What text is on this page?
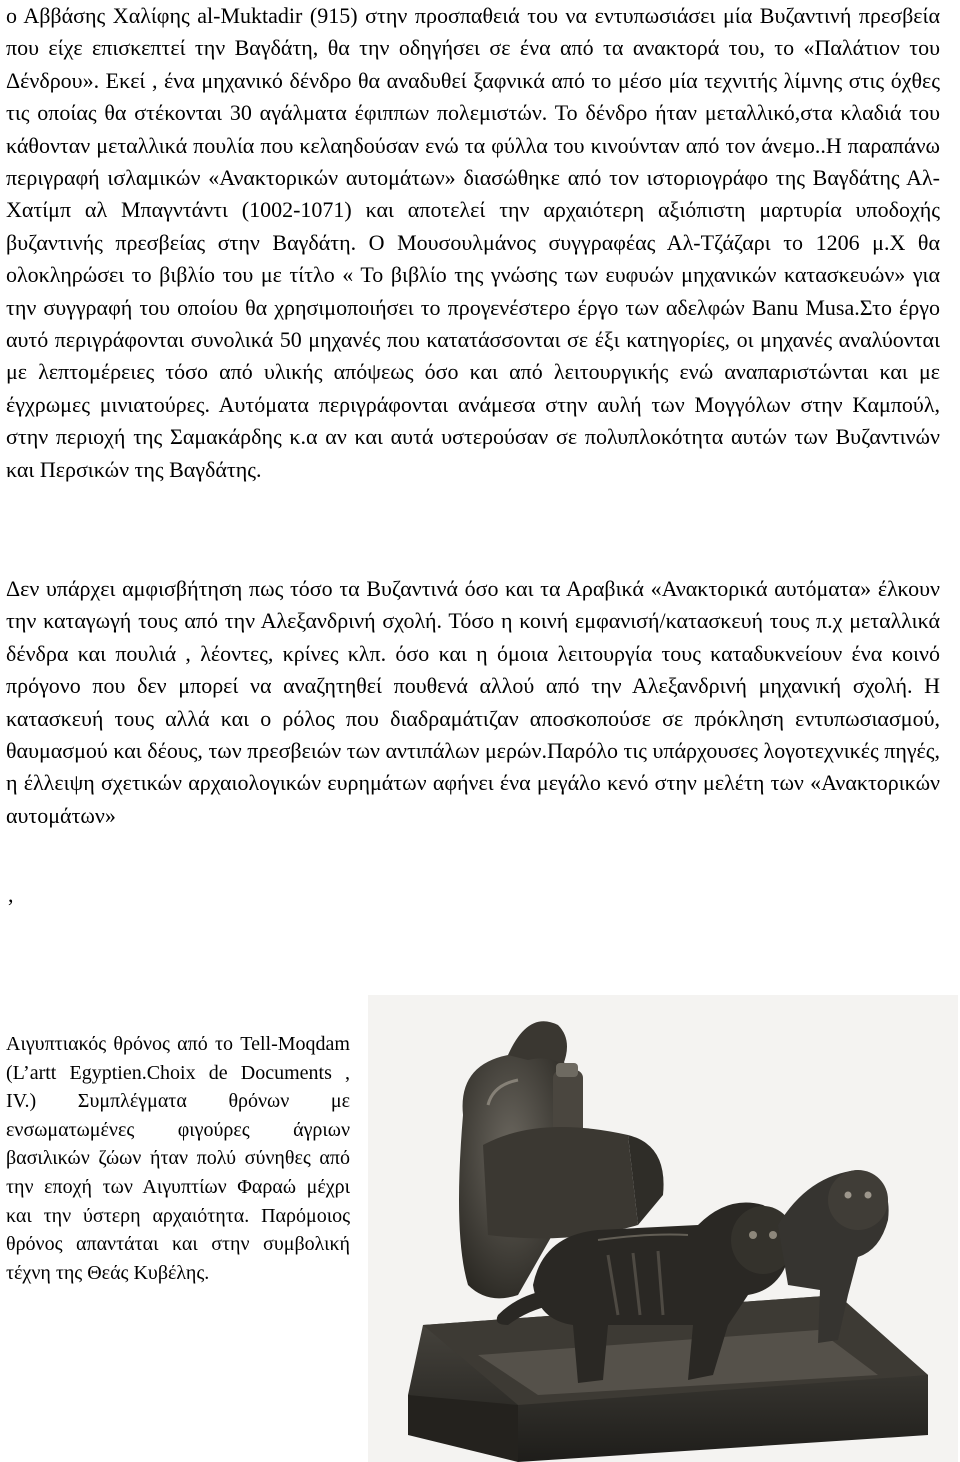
ο Αββάσης Χαλίφης al-Muktadir (915) στην προσπαθειά του να εντυπωσιάσει μία Βυζαντινή πρεσβεία που είχε επισκεπτεί την Βαγδάτη, θα την οδηγήσει σε ένα από τα ανακτορά του, το «Παλάτιον του Δένδρου». Εκεί , ένα μηχανικό δένδρο θα αναδυθεί ξαφνικά από το μέσο μία τεχνιτής λίμνης στις όχθες τις οποίας θα στέκονται 30 αγάλματα έφιππων πολεμιστών. Το δένδρο ήταν μεταλλικό,στα κλαδιά του κάθονταν μεταλλικά πουλία που κελαηδούσαν ενώ τα φύλλα του κινούνταν από τον άνεμο..Η παραπάνω περιγραφή ισλαμικών «Ανακτορικών αυτομάτων» διασώθηκε από τον ιστοριογράφο της Βαγδάτης Αλ-Χατίμπ αλ Μπαγντάντι (1002-1071) και αποτελεί την αρχαιότερη αξιόπιστη μαρτυρία υποδοχής βυζαντινής πρεσβείας στην Βαγδάτη. Ο Μουσουλμάνος συγγραφέας Αλ-Τζάζαρι το 1206 μ.Χ θα ολοκληρώσει το βιβλίο του με τίτλο « Το βιβλίο της γνώσης των ευφυών μηχανικών κατασκευών» για την συγγραφή του οποίου θα χρησιμοποιήσει το προγενέστερο έργο των αδελφών Banu Musa.Στο έργο αυτό περιγράφονται συνολικά 50 μηχανές που κατατάσσονται σε έξι κατηγορίες, οι μηχανές αναλύονται με λεπτομέρειες τόσο από υλικής απόψεως όσο και από λειτουργικής ενώ αναπαριστώνται και με έγχρωμες μινιατούρες. Αυτόματα περιγράφονται ανάμεσα στην αυλή των Μογγόλων στην Καμπούλ, στην περιοχή της Σαμακάρδης κ.α αν και αυτά υστερούσαν σε πολυπλοκότητα αυτών των Βυζαντινών και Περσικών της Βαγδάτης.

Δεν υπάρχει αμφισβήτηση πως τόσο τα Βυζαντινά όσο και τα Αραβικά «Ανακτορικά αυτόματα» έλκουν την καταγωγή τους από την Αλεξανδρινή σχολή. Τόσο η κοινή εμφανισή/κατασκευή τους π.χ μεταλλικά δένδρα και πουλιά , λέοντες, κρίνες κλπ. όσο και η όμοια λειτουργία τους καταδυκνείουν ένα κοινό πρόγονο που δεν μπορεί να αναζητηθεί πουθενά αλλού από την Αλεξανδρινή μηχανική σχολή. Η κατασκευή τους αλλά και ο ρόλος που διαδραμάτιζαν αποσκοπούσε σε πρόκληση εντυπωσιασμού, θαυμασμού και δέους, των πρεσβειών των αντιπάλων μερών.Παρόλο τις υπάρχουσες λογοτεχνικές πηγές, η έλλειψη σχετικών αρχαιολογικών ευρημάτων αφήνει ένα μεγάλο κενό στην μελέτη των «Ανακτορικών αυτομάτων»

,

Αιγυπτιακός θρόνος από το Tell-Moqdam (L’artt Egyptien.Choix de Documents , IV.) Συμπλέγματα θρόνων με ενσωματωμένες φιγούρες άγριων βασιλικών ζώων ήταν πολύ σύνηθες από την εποχή των Αιγυπτίων Φαραώ μέχρι και την ύστερη αρχαιότητα. Παρόμοιος θρόνος απαντάται και στην συμβολική τέχνη της Θεάς Κυβέλης.
